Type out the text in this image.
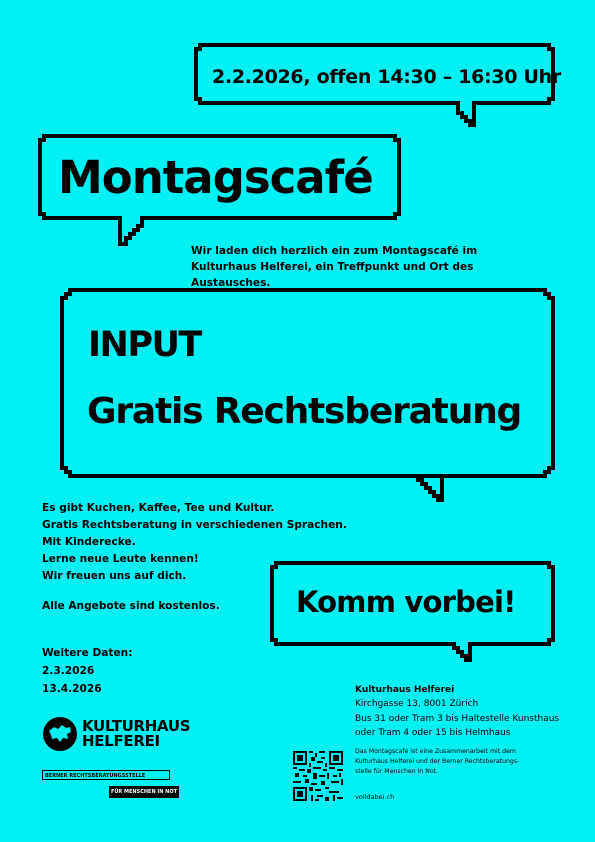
2.2.2026, offen 14:30 – 16:30 Uhr
Montagscafé
Wir laden dich herzlich ein zum Montagscafé im Kulturhaus Helferei, ein Treffpunkt und Ort des Austausches.
INPUT
Gratis Rechtsberatung
Es gibt Kuchen, Kaffee, Tee und Kultur.
Gratis Rechtsberatung in verschiedenen Sprachen.
Mit Kinderecke.
Lerne neue Leute kennen!
Wir freuen uns auf dich.
Alle Angebote sind kostenlos.
Weitere Daten:
2.3.2026
13.4.2026
Komm vorbei!
Kulturhaus Helferei
Kirchgasse 13, 8001 Zürich
Bus 31 oder Tram 3 bis Haltestelle Kunsthaus
oder Tram 4 oder 15 bis Helmhaus
Das Montagscafé ist eine Zusammenarbeit mit dem
Kulturhaus Helferei und der Berner Rechtsberatungs-
stelle für Menschen in Not.
volldabei.ch
KULTURHAUS
HELFEREI
BERNER RECHTSBERATUNGSSTELLE
FÜR MENSCHEN IN NOT
